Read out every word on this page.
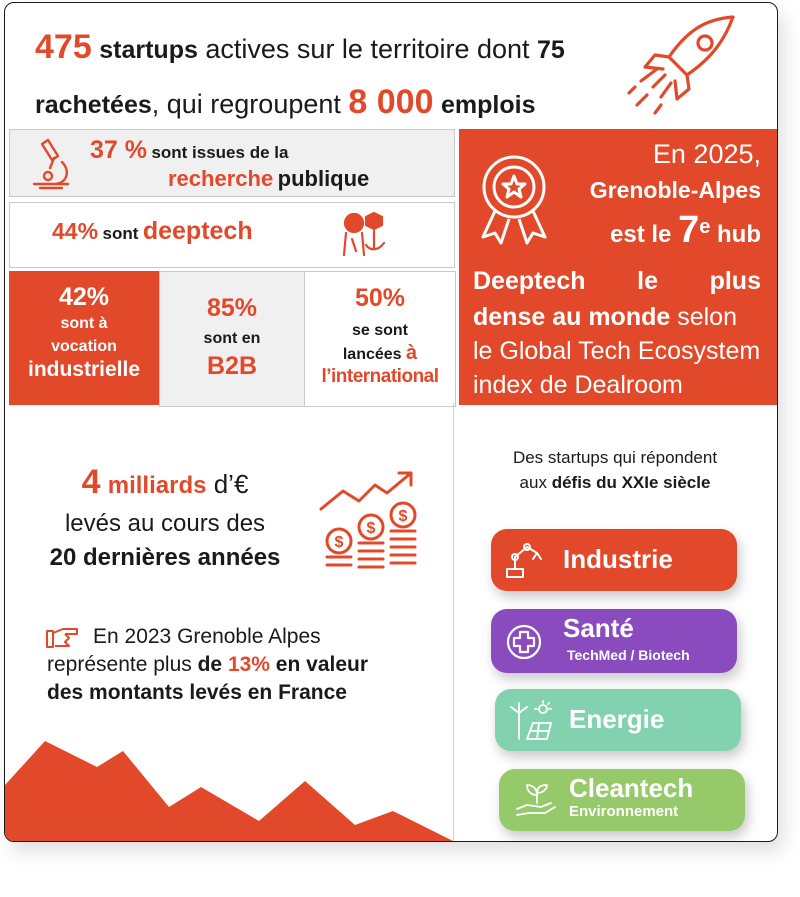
475 startups actives sur le territoire dont 75
rachetées, qui regroupent 8 000 emplois
37 % sont issues de la
recherche publique
44% sont deeptech
42%
sont à
vocation
industrielle
85%
sont en
B2B
50%
se sont
lancées à
l’international
En 2025,
Grenoble-Alpes
est le 7e hub
Deeptech le plus
dense au monde selon
le Global Tech Ecosystem
index de Dealroom
4 milliards d’€
levés au cours des
20 dernières années
$
$
$
En 2023 Grenoble Alpes
représente plus de 13% en valeur
des montants levés en France
Des startups qui répondent
aux défis du XXIe siècle
Industrie
Santé
TechMed / Biotech
Energie
Cleantech
Environnement
